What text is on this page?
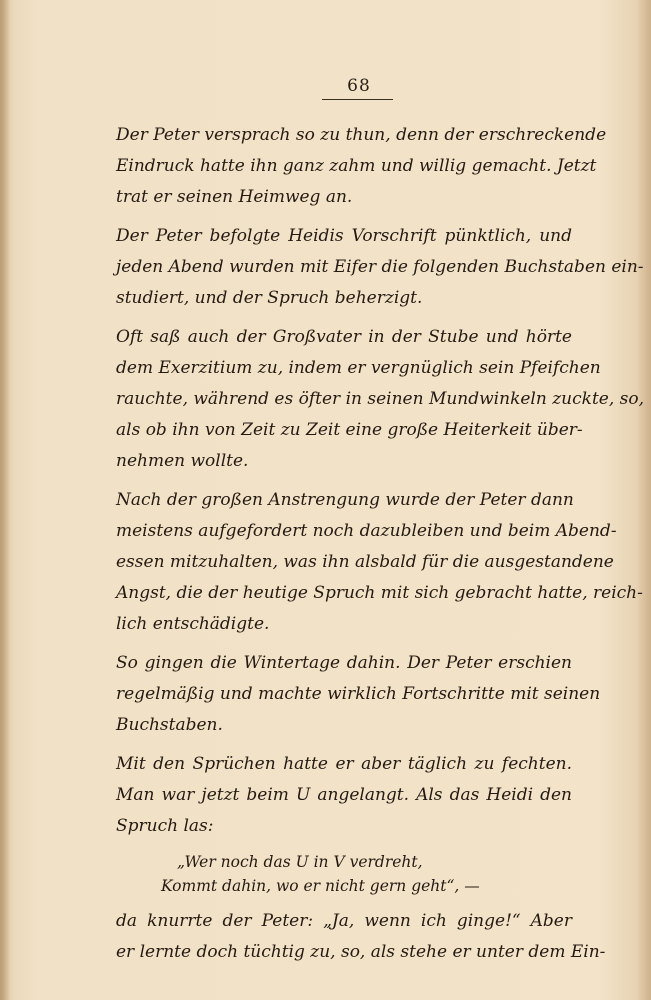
68
Der Peter versprach so zu thun, denn der erschreckende
Eindruck hatte ihn ganz zahm und willig gemacht. Jetzt
trat er seinen Heimweg an.
Der Peter befolgte Heidis Vorschrift pünktlich, und
jeden Abend wurden mit Eifer die folgenden Buchstaben ein-
studiert, und der Spruch beherzigt.
Oft saß auch der Großvater in der Stube und hörte
dem Exerzitium zu, indem er vergnüglich sein Pfeifchen
rauchte, während es öfter in seinen Mundwinkeln zuckte, so,
als ob ihn von Zeit zu Zeit eine große Heiterkeit über-
nehmen wollte.
Nach der großen Anstrengung wurde der Peter dann
meistens aufgefordert noch dazubleiben und beim Abend-
essen mitzuhalten, was ihn alsbald für die ausgestandene
Angst, die der heutige Spruch mit sich gebracht hatte, reich-
lich entschädigte.
So gingen die Wintertage dahin. Der Peter erschien
regelmäßig und machte wirklich Fortschritte mit seinen
Buchstaben.
Mit den Sprüchen hatte er aber täglich zu fechten.
Man war jetzt beim U angelangt. Als das Heidi den
Spruch las:
„Wer noch das U in V verdreht,
Kommt dahin, wo er nicht gern geht“, —
da knurrte der Peter: „Ja, wenn ich ginge!“ Aber
er lernte doch tüchtig zu, so, als stehe er unter dem Ein-
